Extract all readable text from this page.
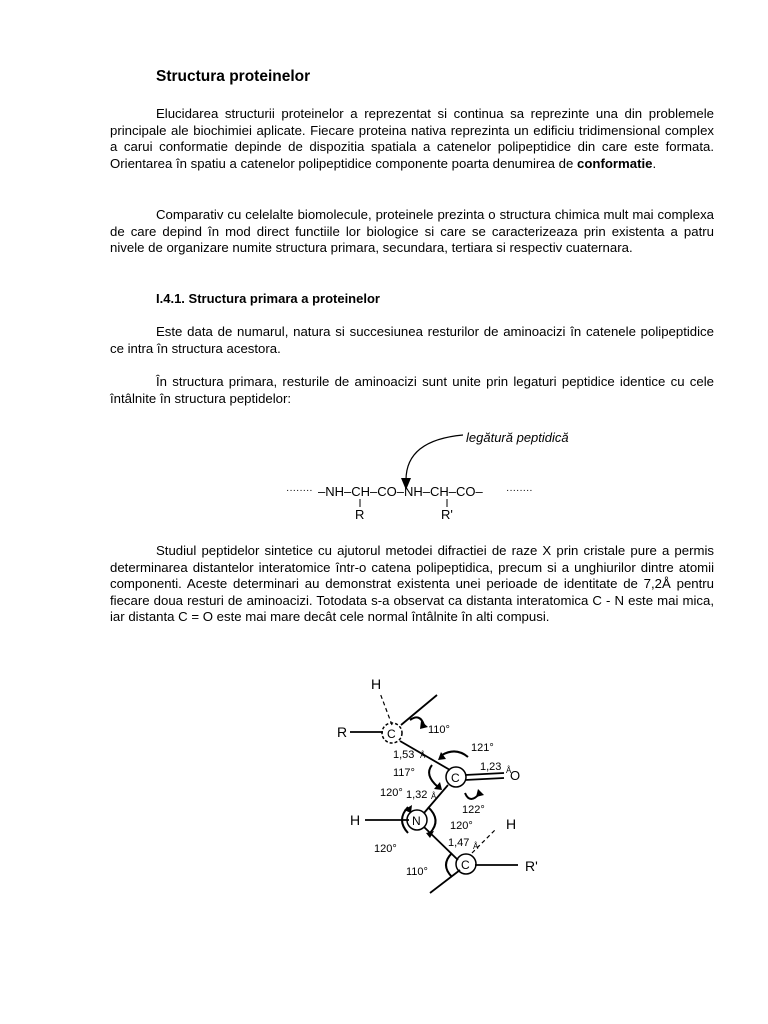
Structura proteinelor

Elucidarea structurii proteinelor a reprezentat si continua sa reprezinte una din problemele principale ale biochimiei aplicate. Fiecare proteina nativa reprezinta un edificiu tridimensional complex a carui conformatie depinde de dispozitia spatiala a catenelor polipeptidice din care este formata. Orientarea în spatiu a catenelor polipeptidice componente poarta denumirea de conformatie.

Comparativ cu celelalte biomolecule, proteinele prezinta o structura chimica mult mai complexa de care depind în mod direct functiile lor biologice si care se caracterizeaza prin existenta a patru nivele de organizare numite structura primara, secundara, tertiara si respectiv cuaternara.

I.4.1. Structura primara a proteinelor

Este data de numarul, natura si succesiunea resturilor de aminoacizi în catenele polipeptidice ce intra în structura acestora.

În structura primara, resturile de aminoacizi sunt unite prin legaturi peptidice identice cu cele întâlnite în structura peptidelor:

legătură peptidică
········ –NH–CH–CO–NH–CH–CO– ········
R	R'

Studiul peptidelor sintetice cu ajutorul metodei difractiei de raze X prin cristale pure a permis determinarea distantelor interatomice într-o catena polipeptidica, precum si a unghiurilor dintre atomii componenti. Aceste determinari au demonstrat existenta unei perioade de identitate de 7,2Å pentru fiecare doua resturi de aminoacizi. Totodata s-a observat ca distanta interatomica C - N este mai mica, iar distanta C = O este mai mare decât cele normal întâlnite în alti compusi.

H
R	C	110°
121°
1,53 Å
1,23 Å
O
C
117°
120° 1,32 Å
122°
H	N	120° H
1,47 Å
120°
C
110°	R'
